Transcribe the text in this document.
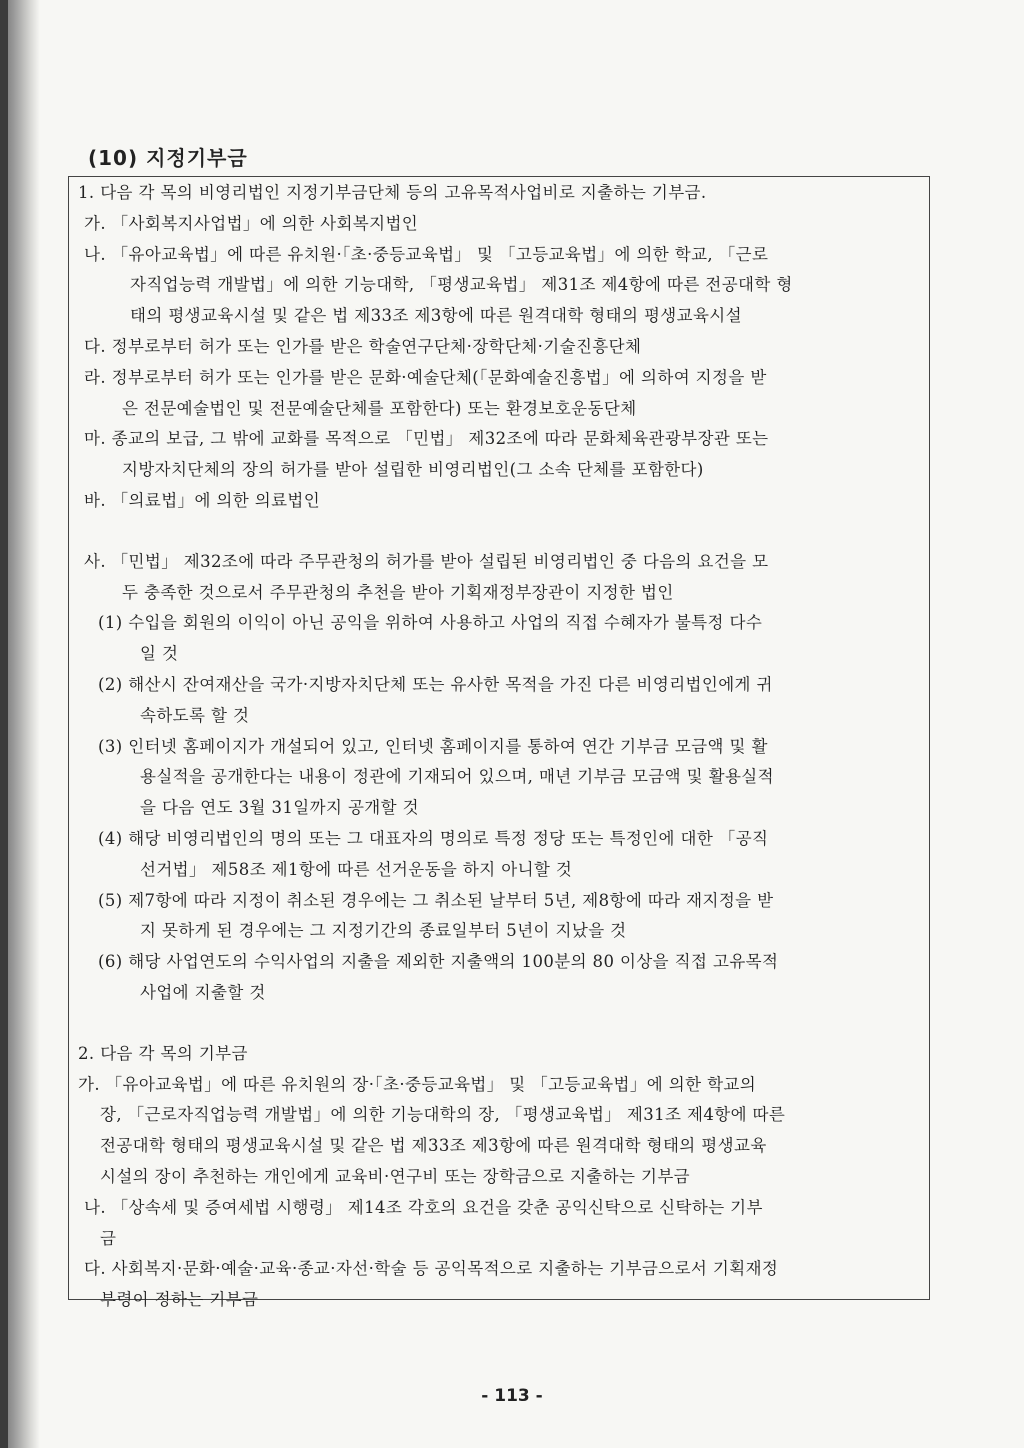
(10) 지정기부금
1. 다음 각 목의 비영리법인 지정기부금단체 등의 고유목적사업비로 지출하는 기부금.
가. 「사회복지사업법」에 의한 사회복지법인
나. 「유아교육법」에 따른 유치원·「초·중등교육법」 및 「고등교육법」에 의한 학교, 「근로
자직업능력 개발법」에 의한 기능대학, 「평생교육법」 제31조 제4항에 따른 전공대학 형
태의 평생교육시설 및 같은 법 제33조 제3항에 따른 원격대학 형태의 평생교육시설
다. 정부로부터 허가 또는 인가를 받은 학술연구단체·장학단체·기술진흥단체
라. 정부로부터 허가 또는 인가를 받은 문화·예술단체(「문화예술진흥법」에 의하여 지정을 받
은 전문예술법인 및 전문예술단체를 포함한다) 또는 환경보호운동단체
마. 종교의 보급, 그 밖에 교화를 목적으로 「민법」 제32조에 따라 문화체육관광부장관 또는
지방자치단체의 장의 허가를 받아 설립한 비영리법인(그 소속 단체를 포함한다)
바. 「의료법」에 의한 의료법인
사. 「민법」 제32조에 따라 주무관청의 허가를 받아 설립된 비영리법인 중 다음의 요건을 모
두 충족한 것으로서 주무관청의 추천을 받아 기획재정부장관이 지정한 법인
(1) 수입을 회원의 이익이 아닌 공익을 위하여 사용하고 사업의 직접 수혜자가 불특정 다수
일 것
(2) 해산시 잔여재산을 국가·지방자치단체 또는 유사한 목적을 가진 다른 비영리법인에게 귀
속하도록 할 것
(3) 인터넷 홈페이지가 개설되어 있고, 인터넷 홈페이지를 통하여 연간 기부금 모금액 및 활
용실적을 공개한다는 내용이 정관에 기재되어 있으며, 매년 기부금 모금액 및 활용실적
을 다음 연도 3월 31일까지 공개할 것
(4) 해당 비영리법인의 명의 또는 그 대표자의 명의로 특정 정당 또는 특정인에 대한 「공직
선거법」 제58조 제1항에 따른 선거운동을 하지 아니할 것
(5) 제7항에 따라 지정이 취소된 경우에는 그 취소된 날부터 5년, 제8항에 따라 재지정을 받
지 못하게 된 경우에는 그 지정기간의 종료일부터 5년이 지났을 것
(6) 해당 사업연도의 수익사업의 지출을 제외한 지출액의 100분의 80 이상을 직접 고유목적
사업에 지출할 것
2. 다음 각 목의 기부금
가. 「유아교육법」에 따른 유치원의 장·「초·중등교육법」 및 「고등교육법」에 의한 학교의
장, 「근로자직업능력 개발법」에 의한 기능대학의 장, 「평생교육법」 제31조 제4항에 따른
전공대학 형태의 평생교육시설 및 같은 법 제33조 제3항에 따른 원격대학 형태의 평생교육
시설의 장이 추천하는 개인에게 교육비·연구비 또는 장학금으로 지출하는 기부금
나. 「상속세 및 증여세법 시행령」 제14조 각호의 요건을 갖춘 공익신탁으로 신탁하는 기부
금
다. 사회복지·문화·예술·교육·종교·자선·학술 등 공익목적으로 지출하는 기부금으로서 기획재정
부령이 정하는 기부금
- 113 -
